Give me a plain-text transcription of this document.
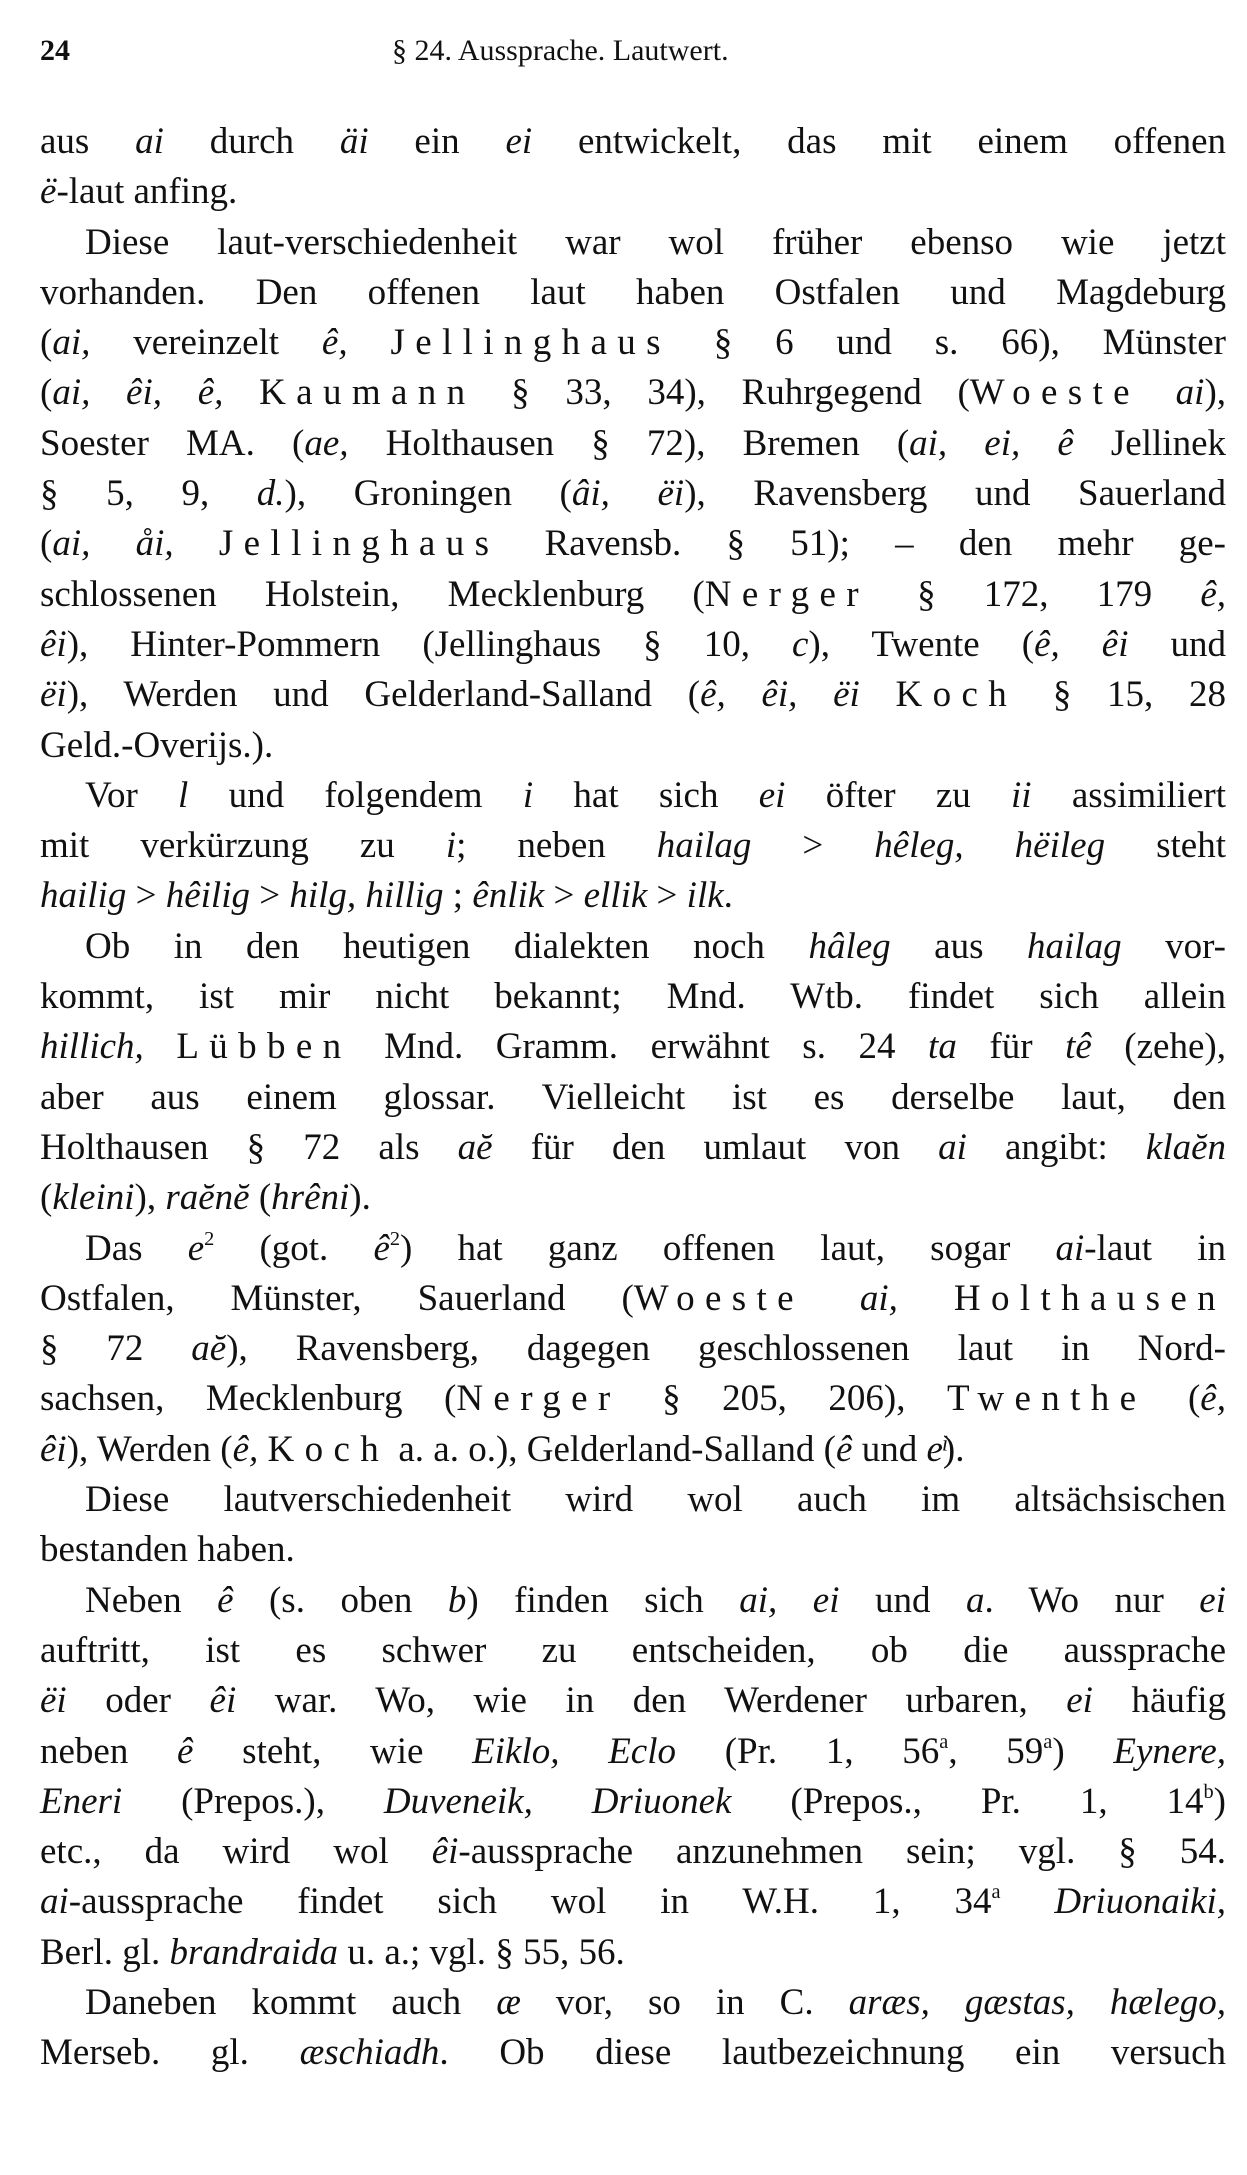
24	§ 24. Aussprache. Lautwert.
aus ai durch äi ein ei entwickelt, das mit einem offenen
ë-laut anfing.
Diese laut-verschiedenheit war wol früher ebenso wie jetzt
vorhanden. Den offenen laut haben Ostfalen und Magdeburg
(ai, vereinzelt ê, Jellinghaus § 6 und s. 66), Münster
(ai, êi, ê, Kaumann § 33, 34), Ruhrgegend (Woeste ai),
Soester MA. (ae, Holthausen § 72), Bremen (ai, ei, ê Jellinek
§ 5, 9, d.), Groningen (âi, ëi), Ravensberg und Sauerland
(ai, åi, Jellinghaus Ravensb. § 51); – den mehr ge-
schlossenen Holstein, Mecklenburg (Nerger § 172, 179 ê,
êi), Hinter-Pommern (Jellinghaus § 10, c), Twente (ê, êi und
ëi), Werden und Gelderland-Salland (ê, êi, ëi Koch § 15, 28
Geld.-Overijs.).
Vor l und folgendem i hat sich ei öfter zu ii assimiliert
mit verkürzung zu i; neben hailag > hêleg, hëileg steht
hailig > hêilig > hilg, hillig ; ênlik > ellik > ilk.
Ob in den heutigen dialekten noch hâleg aus hailag vor-
kommt, ist mir nicht bekannt; Mnd. Wtb. findet sich allein
hillich, Lübben Mnd. Gramm. erwähnt s. 24 ta für tê (zehe),
aber aus einem glossar. Vielleicht ist es derselbe laut, den
Holthausen § 72 als aĕ für den umlaut von ai angibt: klaĕn
(kleini), raĕnĕ (hrêni).
Das $e^2$ (got. $ê^2$) hat ganz offenen laut, sogar ai-laut in
Ostfalen, Münster, Sauerland (Woeste ai, Holthausen
§ 72 aĕ), Ravensberg, dagegen geschlossenen laut in Nord-
sachsen, Mecklenburg (Nerger § 205, 206), Twenthe (ê,
êi), Werden (ê, Koch a. a. o.), Gelderland-Salland (ê und eͥ).
Diese lautverschiedenheit wird wol auch im altsächsischen
bestanden haben.
Neben ê (s. oben b) finden sich ai, ei und a. Wo nur ei
auftritt, ist es schwer zu entscheiden, ob die aussprache
ëi oder êi war. Wo, wie in den Werdener urbaren, ei häufig
neben ê steht, wie Eiklo, Eclo (Pr. 1, 56$^a$, 59$^a$) Eynere,
Eneri (Prepos.), Duveneik, Driuonek (Prepos., Pr. 1, 14$^b$)
etc., da wird wol êi-aussprache anzunehmen sein; vgl. § 54.
ai-aussprache findet sich wol in W.H. 1, 34$^a$ Driuonaiki,
Berl. gl. brandraida u. a.; vgl. § 55, 56.
Daneben kommt auch æ vor, so in C. aræs, gæstas, hælego,
Merseb. gl. æschiadh. Ob diese lautbezeichnung ein versuch
